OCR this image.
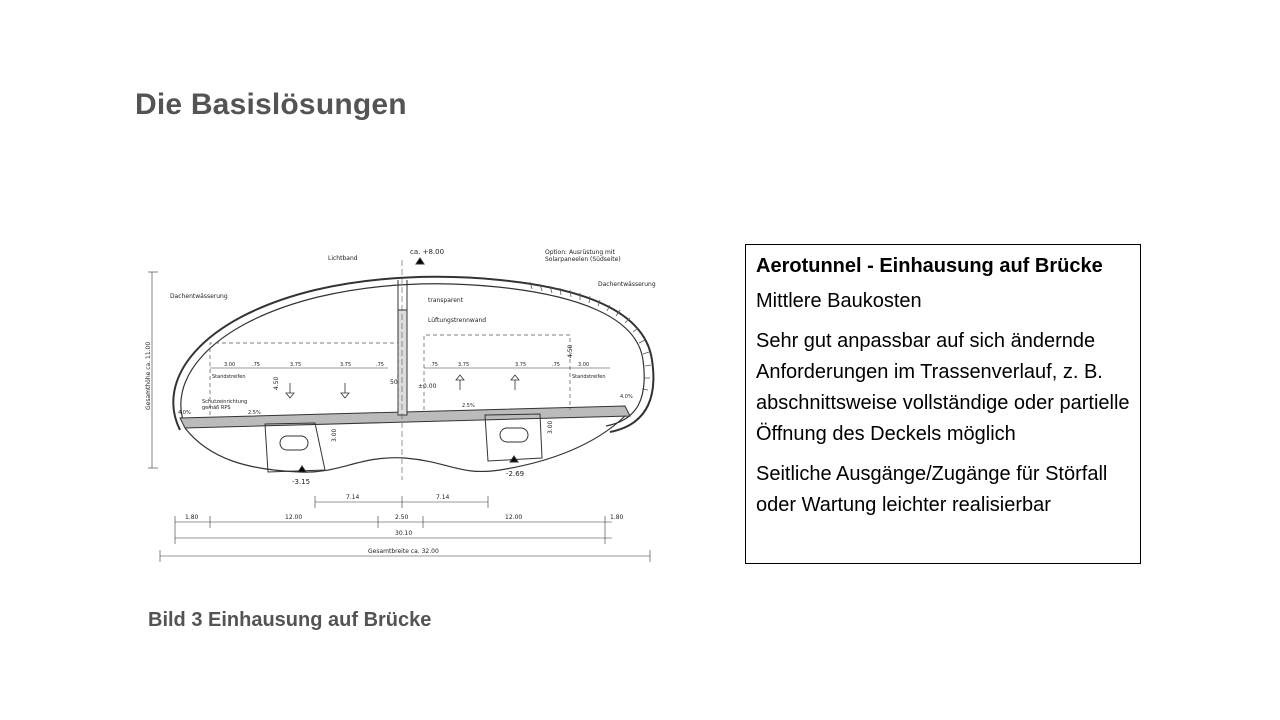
Die Basislösungen
ca. +8.00
Lichtband
Option: Ausrüstung mit
Solarpaneelen (Südseite)
Dachentwässerung
Dachentwässerung
transparent
Lüftungstrennwand
Gesamthöhe ca. 11.00	Standstreifen	Standstreifen
Schutzeinrichtung
gemäß RPS
±0.00
4.50
4.50
3.00
3.00
50
2.5%
2.5%
4.0%
4.0%
-3.15
-2.69
3.00	.75	3.75	3.75	.75	.75	3.75	3.75	.75	3.00
7.14	7.14
1.80	12.00	2.50	12.00	1.80
30.10
Gesamtbreite ca. 32.00
Bild 3 Einhausung auf Brücke
Aerotunnel - Einhausung auf Brücke

Mittlere Baukosten

Sehr gut anpassbar auf sich ändernde Anforderungen im Trassenverlauf, z. B. abschnittsweise vollständige oder partielle Öffnung des Deckels möglich

Seitliche Ausgänge/Zugänge für Störfall oder Wartung leichter realisierbar
